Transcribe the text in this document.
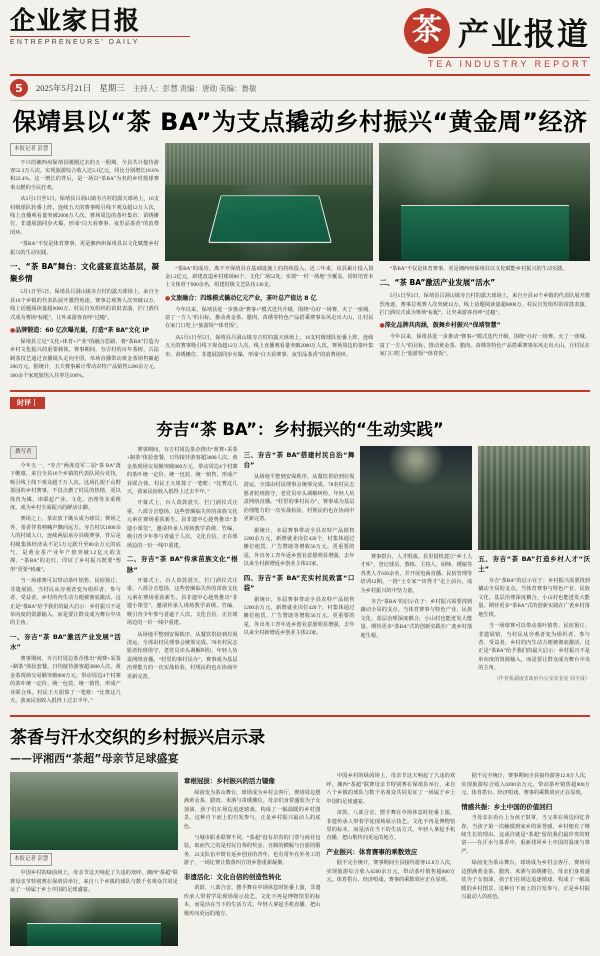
企业家日报
ENTREPRENEURS' DAILY	茶 产业报道
TEA INDUSTRY REPORT
5	2025年5月21日 星期三 主持人：彭慧 责编：唐勋 美编：鲁敏
保靖县以“茶 BA”为支点撬动乡村振兴“黄金周”经济
本报记者 彭慧

不只的湘西州保靖县刚刚过去的五一假期，全县共计接待游客52.3万人次，实现旅游综合收入达3.1亿元，同比分别增长18.6%和22.4%。这一增长的背后，是一场以“茶BA”为名的乡村篮球赛事点燃的全民狂欢。

从5月1日至5日，保靖县吕洞山镇夯吉村的露天球场上，16支村级球队轮番上阵，连续五天的赛事吸引线下观众超12万人次，线上直播观看量突破2000万人次。赛场周边的茶叶集市、苗绣摊位、非遗展演同步火爆，形成“白天看赛事、夜里品茶香”的消费闭环。

“茶BA”不仅是体育赛事，更是湘西州保靖县以文化赋能乡村振兴的生动实践。

一、“茶 BA”舞台：文化盛宴直达基层，凝聚乡情

5月1日至5日，保靖县吕洞山镇夯吉村的露天球场上，来自全县16个乡镇的代表队展开激烈角逐。赛事总观赛人次突破12万，线上话题阅读量超6000万。村民自发组织的苗鼓表演、拦门酒仪式成为赛场“标配”，让外来游客直呼“过瘾”。

●品牌锻造：60 亿次曝光量，打造“茶 BA”文化 IP

保靖县立足“文化+体育+产业”的融合思路，将“茶BA”打造为乡村文化振兴的重要载体。赛事期间，夯吉村的百年茶树、古法制茶技艺通过直播镜头走向全国，单场直播带动黄金茶销售额超200万元。据统计，五天赛事累计带动农特产品销售1200余万元，300余个家庭旅馆入住率达100%。

“茶BA”的成功，离不开保靖县在基础设施上的持续投入。近三年来，该县累计投入资金1.2亿元，新建改造乡村球场86个、文化广场52处，实现“一村一场地”全覆盖。同时培育本土文体骨干800余名，组建村级文艺队伍136支。

●文旅融合：四维模式撬动亿元产业，茶叶总产值达 8 亿

今年以来，保靖县进一步推动“赛事+”模式迭代升级，围绕“办好一场赛、火了一座城、富了一方人”的目标，推动黄金茶、腊肉、苗绣等特色产品搭乘赛事东风走出大山，让村民在家门口吃上“旅游饭”“体育饭”。

从5月1日至5日，保靖县吕洞山镇夯吉村的露天球场上，16支村级球队轮番上阵，连续五天的赛事吸引线下观众超12万人次，线上直播观看量突破2000万人次。赛场周边的茶叶集市、苗绣摊位、非遗展演同步火爆，形成“白天看赛事、夜里品茶香”的消费闭环。

“茶BA”不仅是体育赛事，更是湘西州保靖县以文化赋能乡村振兴的生动实践。

二、“茶 BA”激活产业发展“活水”

5月1日至5日，保靖县吕洞山镇夯吉村的露天球场上，来自全县16个乡镇的代表队展开激烈角逐。赛事总观赛人次突破12万，线上话题阅读量超6000万。村民自发组织的苗鼓表演、拦门酒仪式成为赛场“标配”，让外来游客直呼“过瘾”。

●深化品牌共肉涵，鼓舞乡村振兴“保靖智慧”

今年以来，保靖县进一步推动“赛事+”模式迭代升级，围绕“办好一场赛、火了一座城、富了一方人”的目标，推动黄金茶、腊肉、苗绣等特色产品搭乘赛事东风走出大山，让村民在家门口吃上“旅游饭”“体育饭”。

时评丨
夯吉“茶 BA”：乡村振兴的“生动实践”
撰写者

今年五一，“夯吉”两度进军二届“茶 BA”落下帷幕，来自全县16个乡镇的代表队同台竞技，吸引线上线下观众超千万人次。这场扎根于山野茶园的乡村赛事，不仅点燃了村民的热情，更以体育为媒，串联起产业、文化、治理等多重维度，成为乡村全面振兴的鲜活注脚。

赛场之上，茶农放下锄头成为球员；赛场之外，茶香伴着呐喊声飘向远方。夯吉村以1600余人的村域人口，连续两届承办县级赛事，背后是村级集体经济从不足5万元跃升至80余万元的底气，是黄金茶产业年产值突破1.2亿元的支撑。“茶BA”的走红，印证了乡村振兴既要“塑形”更要“铸魂”。

当一场球赛可以带动茶叶销售、民宿预订、非遗展销，当村民从旁观者变为组织者、参与者、受益者，乡村的内生动力便被彻底激活。这正是“茶BA”给予我们的最大启示：乡村振兴不是单向度的资源输入，而是要让群众成为舞台中央的主角。

一、夯吉“茶 BA”激活产业发展“活水”

赛事期间，夯吉村周边茶企推出“观赛+采茶+制茶”体验套餐，日均接待游客超3000人次。黄金茶现场交易额突破800万元，带动周边4个村寨的茶叶统一定价、统一包装、统一销售，形成产业联合体。村民王大姐算了一笔账：“比赛这几天，我家民宿收入抵得上过去半年。”

赛事期间，夯吉村周边茶企推出“观赛+采茶+制茶”体验套餐，日均接待游客超3000人次。黄金茶现场交易额突破800万元，带动周边4个村寨的茶叶统一定价、统一包装、统一销售，形成产业联合体。村民王大姐算了一笔账：“比赛这几天，我家民宿收入抵得上过去半年。”

开幕式上，百人苗鼓震天、拦门酒仪式庄重、八部合音悠扬，这些曾濒临失传的苗族文化元素在赛场重获新生。县非遗中心趁势推出“非遗小课堂”，邀请传承人现场教学苗绣、竹编，吸引青少年参与者逾千人次。文化自信，正在球场边的一针一线中重建。

二、夯吉“茶 BA”传承苗族文化“根脉”

开幕式上，百人苗鼓震天、拦门酒仪式庄重、八部合音悠扬，这些曾濒临失传的苗族文化元素在赛场重获新生。县非遗中心趁势推出“非遗小课堂”，邀请传承人现场教学苗绣、竹编，吸引青少年参与者逾千人次。文化自信，正在球场边的一针一线中重建。

从场地平整到安保秩序，从餐饮供给到垃圾清运，全部由村民理事会统筹完成。78名村民志愿者轮班值守，老党员牵头调解纠纷，年轻人负责网络直播。“村里的事村民办”，赛事成为基层治理能力的一次实战检验，村规民约也在协商中更新完善。

三、夯吉“茶 BA”搭建村民自治“舞台”

从场地平整到安保秩序，从餐饮供给到垃圾清运，全部由村民理事会统筹完成。78名村民志愿者轮班值守，老党员牵头调解纠纷，年轻人负责网络直播。“村里的事村民办”，赛事成为基层治理能力的一次实战检验，村规民约也在协商中更新完善。

据统计，本届赛事带动全县农特产品销售1200余万元，新增就业岗位420个，村集体通过摊位租赁、广告赞助等增收56万元。更重要的是，外出务工青年返乡创业意愿明显增强，去年以来全村新增返乡创业主体23家。

四、夯吉“茶 BA”充实村民致富“口袋”

据统计，本届赛事带动全县农特产品销售1200余万元，新增就业岗位420个，村集体通过摊位租赁、广告赞助等增收56万元。更重要的是，外出务工青年返乡创业意愿明显增强，去年以来全村新增返乡创业主体23家。

赛事搭台，人才唱戏。县里借机建立“乡土人才库”，登记球员、教练、主持人、厨师、绣娘等各类人才630余名，并开展电商直播、民宿管理等培训12期。一批“土专家”“田秀才”走上前台，成为乡村振兴的中坚力量。

夯吉“茶BA”的启示在于：乡村振兴需要找到撬动全局的支点。当体育赛事与特色产业、民族文化、基层治理深度耦合，小山村也能迸发大能量。期待更多“茶BA”式的创新实践在广袤乡村落地生根。

五、夯吉“茶 BA”打造乡村人才“沃土”

夯吉“茶BA”的启示在于：乡村振兴需要找到撬动全局的支点。当体育赛事与特色产业、民族文化、基层治理深度耦合，小山村也能迸发大能量。期待更多“茶BA”式的创新实践在广袤乡村落地生根。

当一场球赛可以带动茶叶销售、民宿预订、非遗展销，当村民从旁观者变为组织者、参与者、受益者，乡村的内生动力便被彻底激活。这正是“茶BA”给予我们的最大启示：乡村振兴不是单向度的资源输入，而是要让群众成为舞台中央的主角。

（作者系湖南省政府办公室农业处 周全成）
茶香与汗水交织的乡村振兴启示录
——评湘西“茶超”母亲节足球盛宴
本报记者 彭慧

中国乡村的绿茵场上，母亲节这天响起了久违的欢呼。湘西“茶超”联赛母亲节特别赛在保靖县举行，来自八个乡镇的球队与数千名观众共同见证了一场属于乡土中国的足球盛宴。

章根冠拔：乡村振兴的活力镜像

绿茵变为茶山舞台，球场成为乡村会客厅，赛场周边摆满黄金茶、腊肉、米酒与苗绣摊位。母亲们身着盛装为子女加油，孩子们在场边追逐嬉戏，构成了一幅温暖的乡村图景。这种自下而上的自发参与，正是乡村振兴最动人的底色。

与城市职业联赛不同，“茶超”没有昂贵的门票与商业包装，取而代之的是村民自筹的奖金、自制的横幅与自愿的服务。23支队伍中既有返乡创业的青年，也有常年在外务工的游子，一场比赛让散落四方的乡愁重新凝聚。

非遗活化：文化自信的创造性转化

苗鼓、八部合音、摆手舞在中场休息时轮番上演，非遗传承人带着学徒现场展示技艺。文化不再是博物馆里的标本，而是活在当下的生活方式。年轻人拿起手机直播，把山歌传向更远的地方。

中国乡村的绿茵场上，母亲节这天响起了久违的欢呼。湘西“茶超”联赛母亲节特别赛在保靖县举行，来自八个乡镇的球队与数千名观众共同见证了一场属于乡土中国的足球盛宴。

苗鼓、八部合音、摆手舞在中场休息时轮番上演，非遗传承人带着学徒现场展示技艺。文化不再是博物馆里的标本，而是活在当下的生活方式。年轻人拿起手机直播，把山歌传向更远的地方。

产业振兴：体育赛事的乘数效应

据不完全统计，赛事期间全县接待游客12.8万人次，实现旅游综合收入6200余万元，带动茶叶销售超800万元。体育搭台、经济唱戏，赛事的乘数效应正在显现。

据不完全统计，赛事期间全县接待游客12.8万人次，实现旅游综合收入6200余万元，带动茶叶销售超800万元。体育搭台、经济唱戏，赛事的乘数效应正在显现。

情感共振：乡土中国的价值回归

当母亲在看台上为孩子鼓掌，当父辈在场边回忆青春，当孩子第一次触摸到家乡的荣誉感，乡村便有了继续生长的理由。这或许就是“茶超”留给我们最珍贵的财富——在汗水与茶香中，重新找回乡土中国的温度与尊严。

绿茵变为茶山舞台，球场成为乡村会客厅，赛场周边摆满黄金茶、腊肉、米酒与苗绣摊位。母亲们身着盛装为子女加油，孩子们在场边追逐嬉戏，构成了一幅温暖的乡村图景。这种自下而上的自发参与，正是乡村振兴最动人的底色。
